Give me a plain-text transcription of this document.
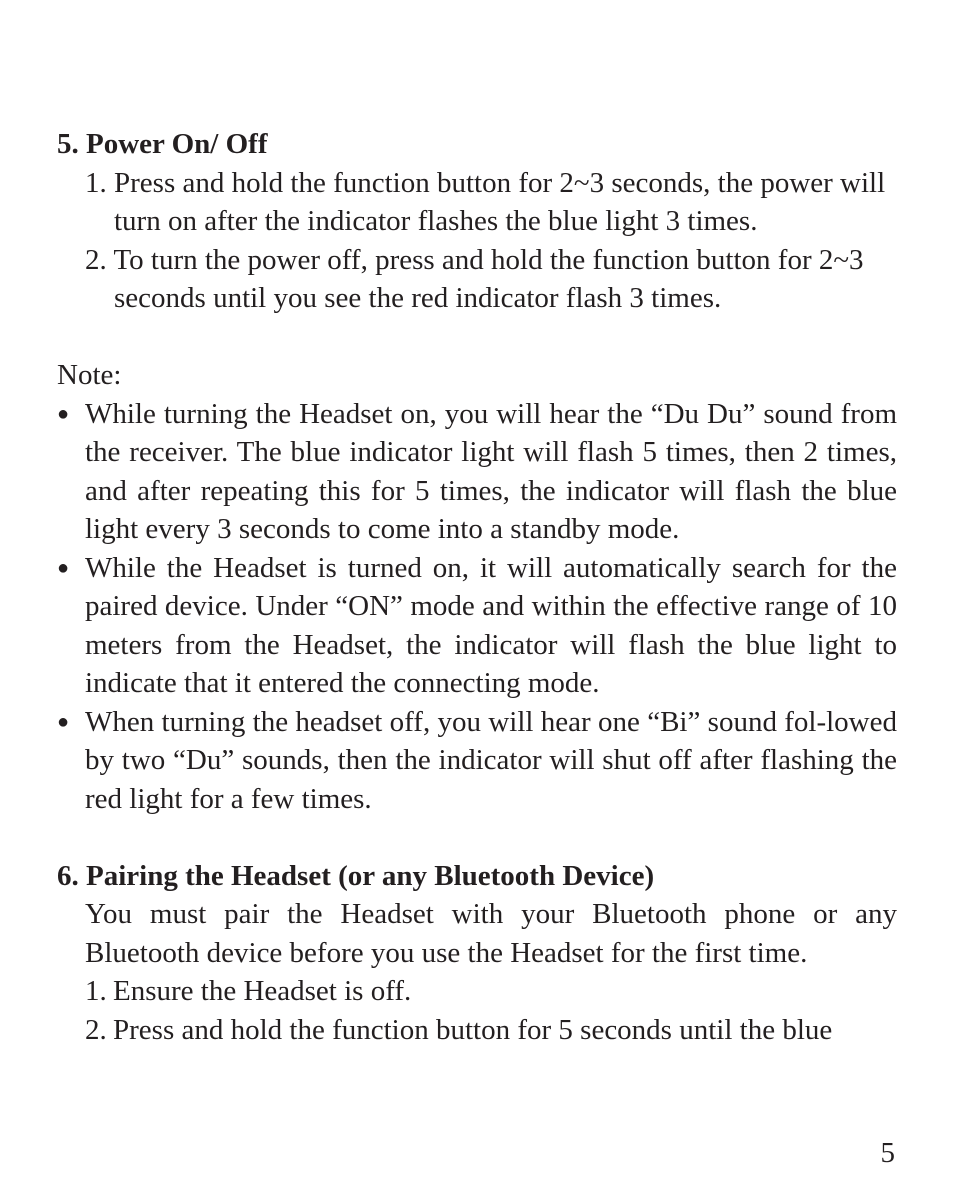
5. Power On/ Off

1. Press and hold the function button for 2~3 seconds, the power will turn on after the indicator flashes the blue light 3 times.

2. To turn the power off, press and hold the function button for 2~3 seconds until you see the red indicator flash 3 times.

Note:

● While turning the Headset on, you will hear the “Du Du” sound from the receiver. The blue indicator light will flash 5 times, then 2 times, and after repeating this for 5 times, the indicator will flash the blue light every 3 seconds to come into a standby mode.

● While the Headset is turned on, it will automatically search for the paired device. Under “ON” mode and within the effective range of 10 meters from the Headset, the indicator will flash the blue light to indicate that it entered the connecting mode.

● When turning the headset off, you will hear one “Bi” sound fol-lowed by two “Du” sounds, then the indicator will shut off after flashing the red light for a few times.

6. Pairing the Headset (or any Bluetooth Device)

You must pair the Headset with your Bluetooth phone or any Bluetooth device before you use the Headset for the first time.

1. Ensure the Headset is off.

2. Press and hold the function button for 5 seconds until the blue

5
